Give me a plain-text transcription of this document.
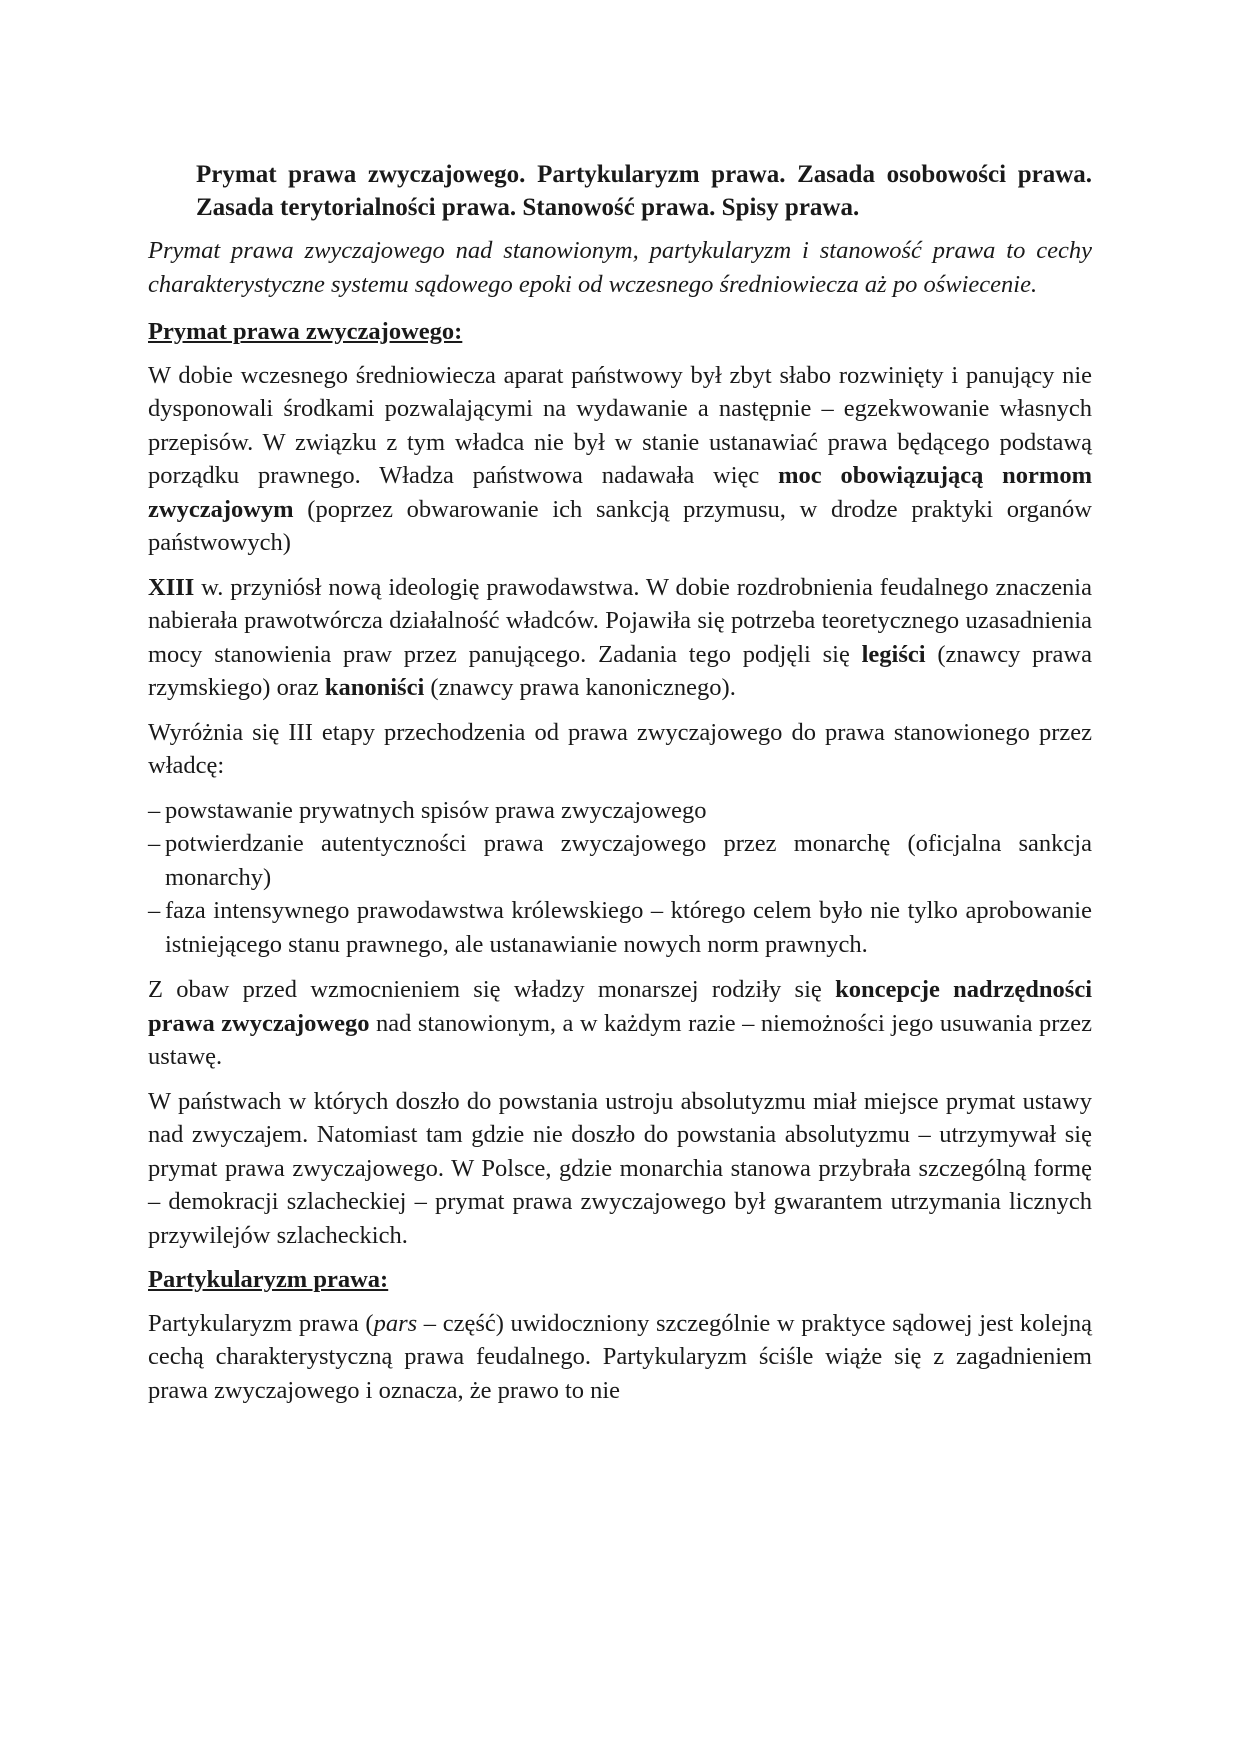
Prymat prawa zwyczajowego. Partykularyzm prawa. Zasada osobowości prawa. Zasada terytorialności prawa. Stanowość prawa. Spisy prawa.

Prymat prawa zwyczajowego nad stanowionym, partykularyzm i stanowość prawa to cechy charakterystyczne systemu sądowego epoki od wczesnego średniowiecza aż po oświecenie.

Prymat prawa zwyczajowego:

W dobie wczesnego średniowiecza aparat państwowy był zbyt słabo rozwinięty i panujący nie dysponowali środkami pozwalającymi na wydawanie a następnie – egzekwowanie własnych przepisów. W związku z tym władca nie był w stanie ustanawiać prawa będącego podstawą porządku prawnego. Władza państwowa nadawała więc moc obowiązującą normom zwyczajowym (poprzez obwarowanie ich sankcją przymusu, w drodze praktyki organów państwowych)

XIII w. przyniósł nową ideologię prawodawstwa. W dobie rozdrobnienia feudalnego znaczenia nabierała prawotwórcza działalność władców. Pojawiła się potrzeba teoretycznego uzasadnienia mocy stanowienia praw przez panującego. Zadania tego podjęli się legiści (znawcy prawa rzymskiego) oraz kanoniści (znawcy prawa kanonicznego).

Wyróżnia się III etapy przechodzenia od prawa zwyczajowego do prawa stanowionego przez władcę:

– powstawanie prywatnych spisów prawa zwyczajowego
– potwierdzanie autentyczności prawa zwyczajowego przez monarchę (oficjalna sankcja monarchy)
– faza intensywnego prawodawstwa królewskiego – którego celem było nie tylko aprobowanie istniejącego stanu prawnego, ale ustanawianie nowych norm prawnych.

Z obaw przed wzmocnieniem się władzy monarszej rodziły się koncepcje nadrzędności prawa zwyczajowego nad stanowionym, a w każdym razie – niemożności jego usuwania przez ustawę.

W państwach w których doszło do powstania ustroju absolutyzmu miał miejsce prymat ustawy nad zwyczajem. Natomiast tam gdzie nie doszło do powstania absolutyzmu – utrzymywał się prymat prawa zwyczajowego. W Polsce, gdzie monarchia stanowa przybrała szczególną formę – demokracji szlacheckiej – prymat prawa zwyczajowego był gwarantem utrzymania licznych przywilejów szlacheckich.

Partykularyzm prawa:

Partykularyzm prawa (pars – część) uwidoczniony szczególnie w praktyce sądowej jest kolejną cechą charakterystyczną prawa feudalnego. Partykularyzm ściśle wiąże się z zagadnieniem prawa zwyczajowego i oznacza, że prawo to nie
